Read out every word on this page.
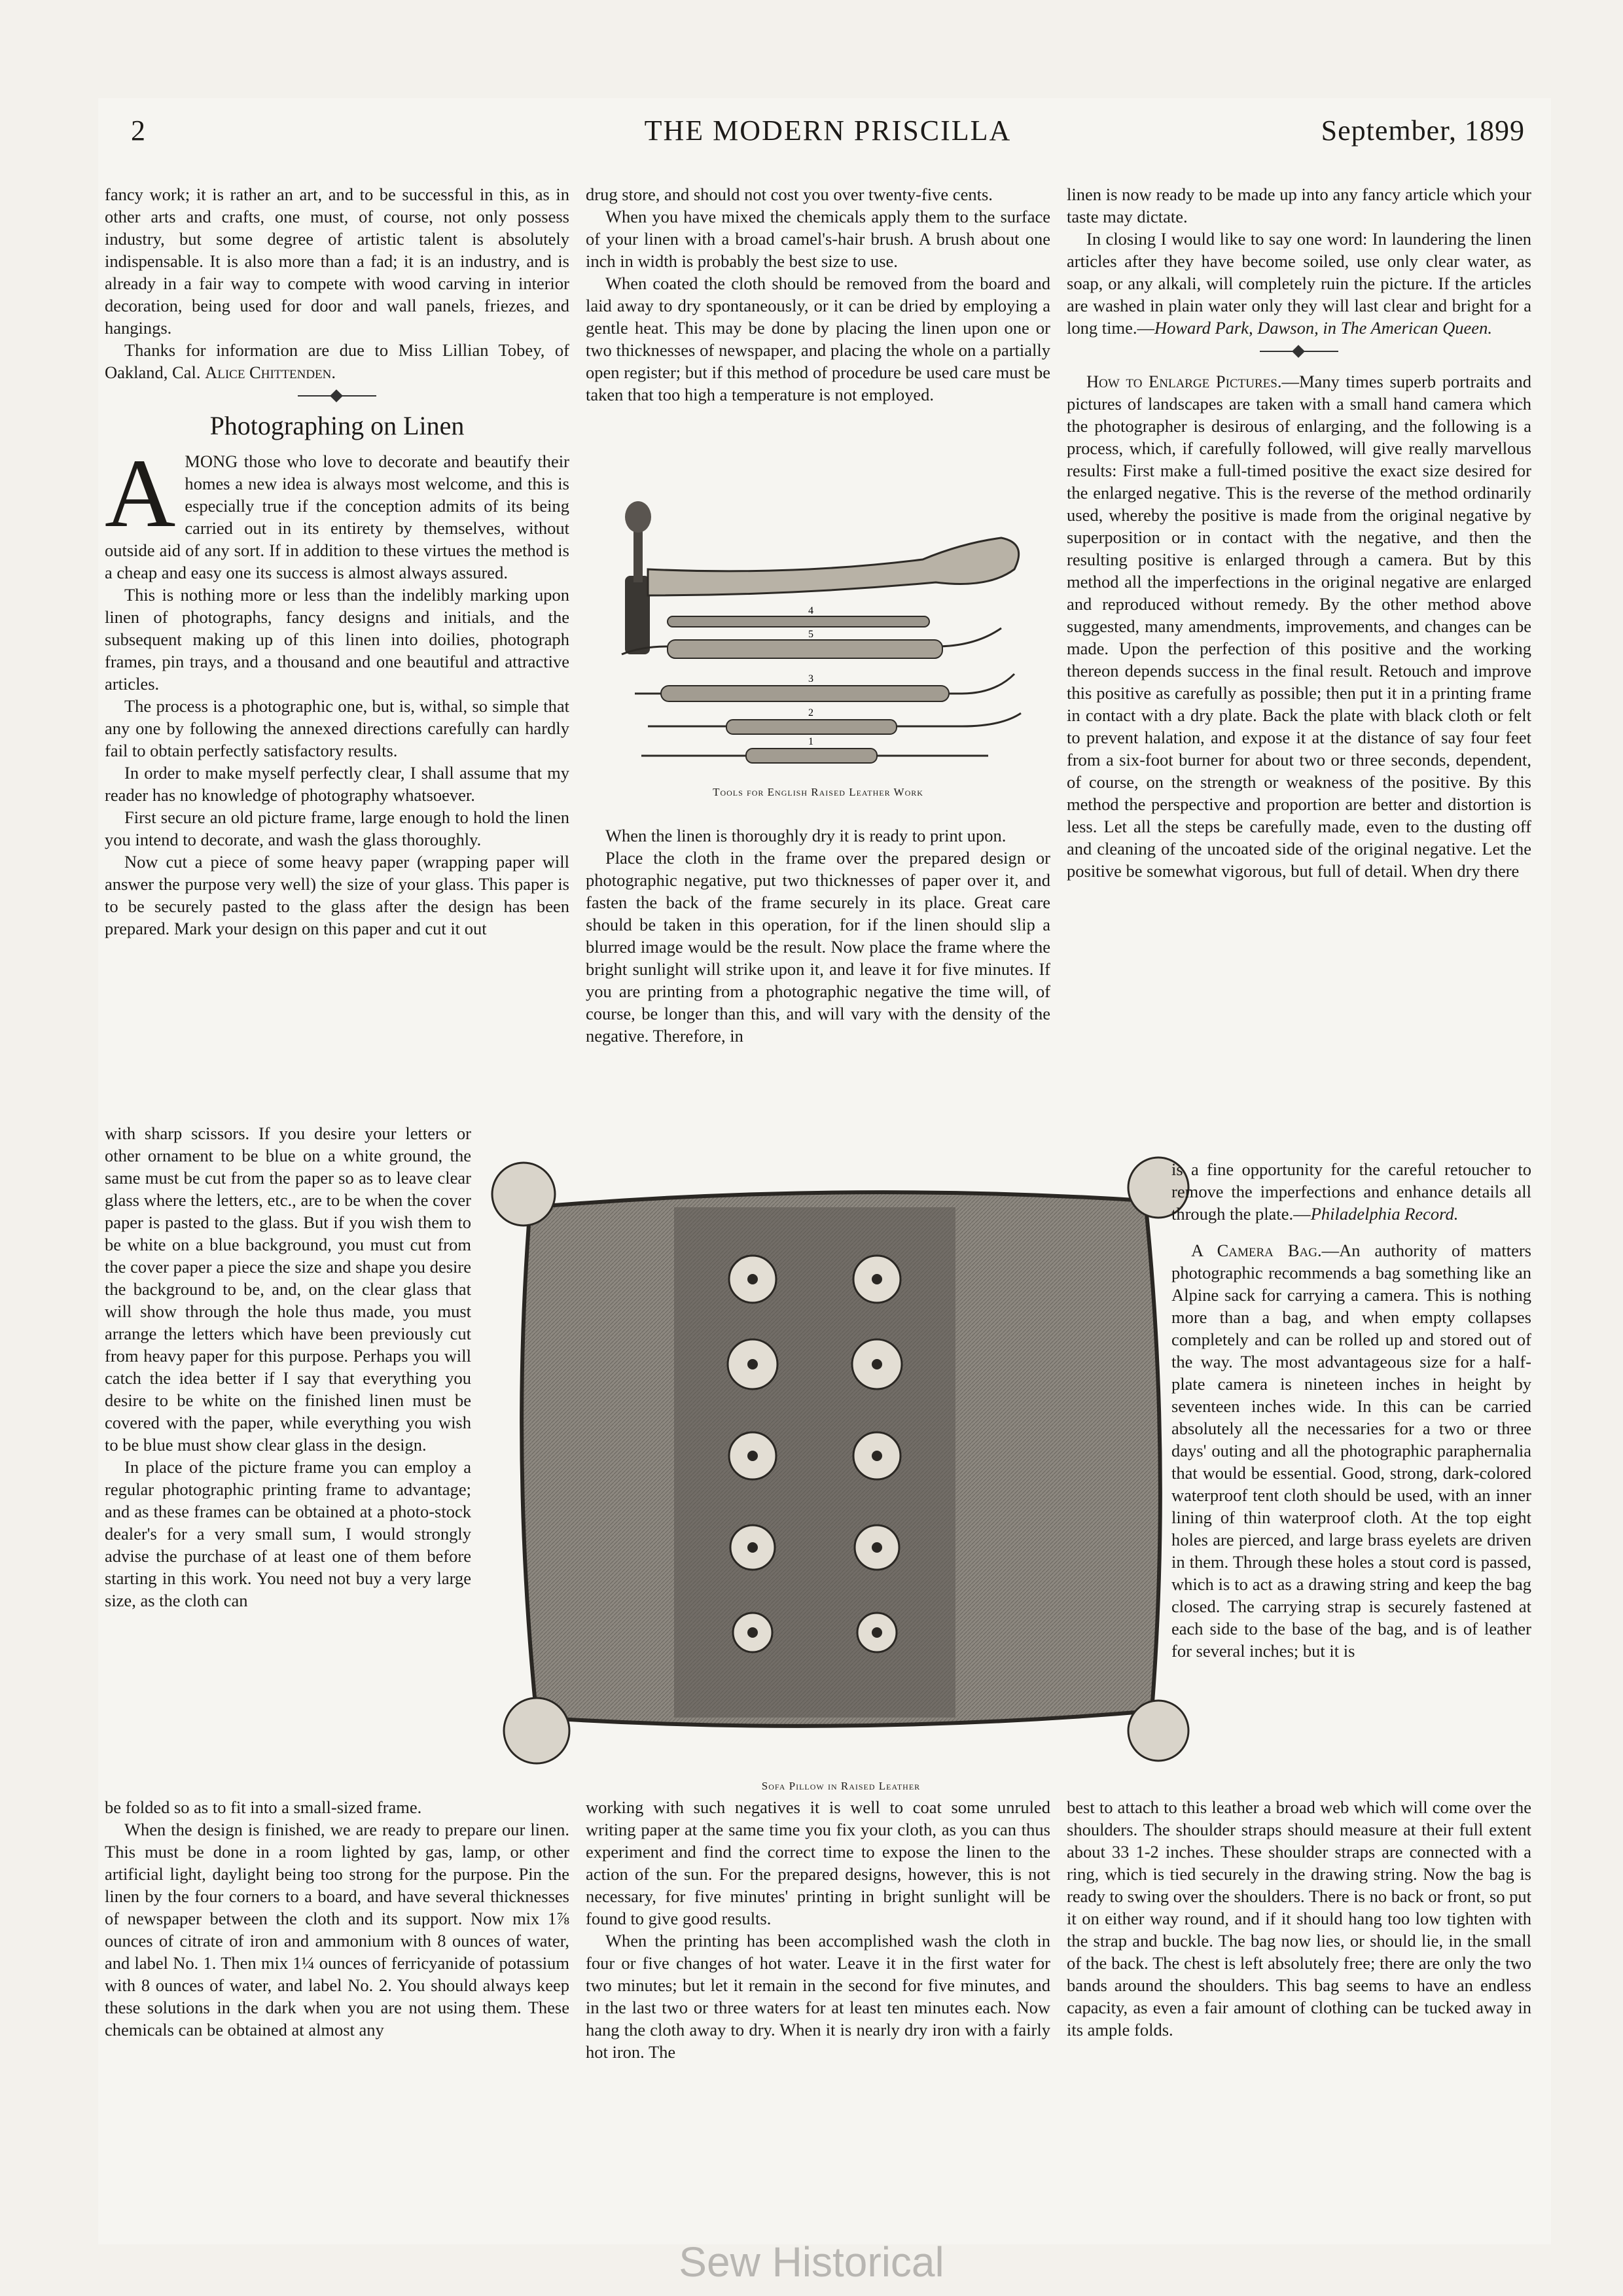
2	THE MODERN PRISCILLA	September, 1899

fancy work; it is rather an art, and to be successful in this, as in other arts and crafts, one must, of course, not only possess industry, but some degree of artistic talent is absolutely indispensable. It is also more than a fad; it is an industry, and is already in a fair way to compete with wood carving in interior decoration, being used for door and wall panels, friezes, and hangings.

Thanks for information are due to Miss Lillian Tobey, of Oakland, Cal. Alice Chittenden.

Photographing on Linen

AMONG those who love to decorate and beautify their homes a new idea is always most welcome, and this is especially true if the conception admits of its being carried out in its entirety by themselves, without outside aid of any sort. If in addition to these virtues the method is a cheap and easy one its success is almost always assured.

This is nothing more or less than the indelibly marking upon linen of photographs, fancy designs and initials, and the subsequent making up of this linen into doilies, photograph frames, pin trays, and a thousand and one beautiful and attractive articles.

The process is a photographic one, but is, withal, so simple that any one by following the annexed directions carefully can hardly fail to obtain perfectly satisfactory results.

In order to make myself perfectly clear, I shall assume that my reader has no knowledge of photography whatsoever.

First secure an old picture frame, large enough to hold the linen you intend to decorate, and wash the glass thoroughly.

Now cut a piece of some heavy paper (wrapping paper will answer the purpose very well) the size of your glass. This paper is to be securely pasted to the glass after the design has been prepared. Mark your design on this paper and cut it out

with sharp scissors. If you desire your letters or other ornament to be blue on a white ground, the same must be cut from the paper so as to leave clear glass where the letters, etc., are to be when the cover paper is pasted to the glass. But if you wish them to be white on a blue background, you must cut from the cover paper a piece the size and shape you desire the background to be, and, on the clear glass that will show through the hole thus made, you must arrange the letters which have been previously cut from heavy paper for this purpose. Perhaps you will catch the idea better if I say that everything you desire to be white on the finished linen must be covered with the paper, while everything you wish to be blue must show clear glass in the design.

In place of the picture frame you can employ a regular photographic printing frame to advantage; and as these frames can be obtained at a photo-stock dealer's for a very small sum, I would strongly advise the purchase of at least one of them before starting in this work. You need not buy a very large size, as the cloth can

be folded so as to fit into a small-sized frame.

When the design is finished, we are ready to prepare our linen. This must be done in a room lighted by gas, lamp, or other artificial light, daylight being too strong for the purpose. Pin the linen by the four corners to a board, and have several thicknesses of newspaper between the cloth and its support. Now mix 1⅞ ounces of citrate of iron and ammonium with 8 ounces of water, and label No. 1. Then mix 1¼ ounces of ferricyanide of potassium with 8 ounces of water, and label No. 2. You should always keep these solutions in the dark when you are not using them. These chemicals can be obtained at almost any

drug store, and should not cost you over twenty-five cents.

When you have mixed the chemicals apply them to the surface of your linen with a broad camel's-hair brush. A brush about one inch in width is probably the best size to use.

When coated the cloth should be removed from the board and laid away to dry spontaneously, or it can be dried by employing a gentle heat. This may be done by placing the linen upon one or two thicknesses of newspaper, and placing the whole on a partially open register; but if this method of procedure be used care must be taken that too high a temperature is not employed.

4
5
3
2
1
Tools for English Raised Leather Work

When the linen is thoroughly dry it is ready to print upon.

Place the cloth in the frame over the prepared design or photographic negative, put two thicknesses of paper over it, and fasten the back of the frame securely in its place. Great care should be taken in this operation, for if the linen should slip a blurred image would be the result. Now place the frame where the bright sunlight will strike upon it, and leave it for five minutes. If you are printing from a photographic negative the time will, of course, be longer than this, and will vary with the density of the negative. Therefore, in

Sofa Pillow in Raised Leather

working with such negatives it is well to coat some unruled writing paper at the same time you fix your cloth, as you can thus experiment and find the correct time to expose the linen to the action of the sun. For the prepared designs, however, this is not necessary, for five minutes' printing in bright sunlight will be found to give good results.

When the printing has been accomplished wash the cloth in four or five changes of hot water. Leave it in the first water for two minutes; but let it remain in the second for five minutes, and in the last two or three waters for at least ten minutes each. Now hang the cloth away to dry. When it is nearly dry iron with a fairly hot iron. The

linen is now ready to be made up into any fancy article which your taste may dictate.

In closing I would like to say one word: In laundering the linen articles after they have become soiled, use only clear water, as soap, or any alkali, will completely ruin the picture. If the articles are washed in plain water only they will last clear and bright for a long time.—Howard Park, Dawson, in The American Queen.

How to Enlarge Pictures.—Many times superb portraits and pictures of landscapes are taken with a small hand camera which the photographer is desirous of enlarging, and the following is a process, which, if carefully followed, will give really marvellous results: First make a full-timed positive the exact size desired for the enlarged negative. This is the reverse of the method ordinarily used, whereby the positive is made from the original negative by superposition or in contact with the negative, and then the resulting positive is enlarged through a camera. But by this method all the imperfections in the original negative are enlarged and reproduced without remedy. By the other method above suggested, many amendments, improvements, and changes can be made. Upon the perfection of this positive and the working thereon depends success in the final result. Retouch and improve this positive as carefully as possible; then put it in a printing frame in contact with a dry plate. Back the plate with black cloth or felt to prevent halation, and expose it at the distance of say four feet from a six-foot burner for about two or three seconds, dependent, of course, on the strength or weakness of the positive. By this method the perspective and proportion are better and distortion is less. Let all the steps be carefully made, even to the dusting off and cleaning of the uncoated side of the original negative. Let the positive be somewhat vigorous, but full of detail. When dry there

is a fine opportunity for the careful retoucher to remove the imperfections and enhance details all through the plate.—Philadelphia Record.

A Camera Bag.—An authority of matters photographic recommends a bag something like an Alpine sack for carrying a camera. This is nothing more than a bag, and when empty collapses completely and can be rolled up and stored out of the way. The most advantageous size for a half-plate camera is nineteen inches in height by seventeen inches wide. In this can be carried absolutely all the necessaries for a two or three days' outing and all the photographic paraphernalia that would be essential. Good, strong, dark-colored waterproof tent cloth should be used, with an inner lining of thin waterproof cloth. At the top eight holes are pierced, and large brass eyelets are driven in them. Through these holes a stout cord is passed, which is to act as a drawing string and keep the bag closed. The carrying strap is securely fastened at each side to the base of the bag, and is of leather for several inches; but it is

best to attach to this leather a broad web which will come over the shoulders. The shoulder straps should measure at their full extent about 33 1-2 inches. These shoulder straps are connected with a ring, which is tied securely in the drawing string. Now the bag is ready to swing over the shoulders. There is no back or front, so put it on either way round, and if it should hang too low tighten with the strap and buckle. The bag now lies, or should lie, in the small of the back. The chest is left absolutely free; there are only the two bands around the shoulders. This bag seems to have an endless capacity, as even a fair amount of clothing can be tucked away in its ample folds.

Sew Historical
